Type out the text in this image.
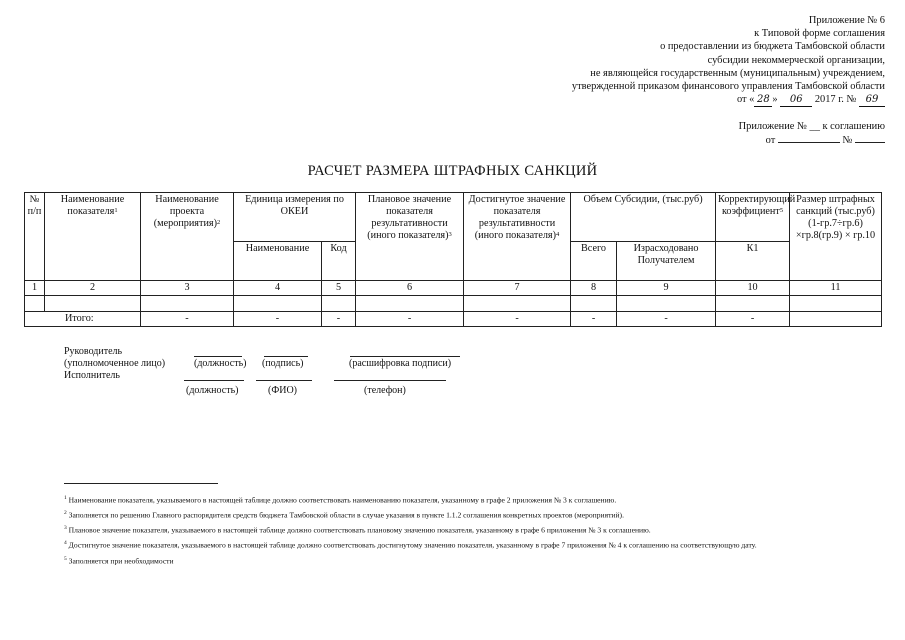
Приложение № 6
к Типовой форме соглашения
о предоставлении из бюджета Тамбовской области
субсидии некоммерческой организации,
не являющейся государственным (муниципальным) учреждением,
утвержденной приказом финансового управления Тамбовской области
от « 28 » 06 2017 г. № 69
Приложение № __ к соглашению
от	№
РАСЧЕТ РАЗМЕРА ШТРАФНЫХ САНКЦИЙ
№ п/п	Наименование показателя$^1$	Наименование проекта (мероприятия)$^2$	Единица измерения по ОКЕИ		Плановое значение показателя результативности (иного показателя)$^3$	Достигнутое значение показателя результативности (иного показателя)$^4$	Объем Субсидии, (тыс.руб)		Корректирующий коэффициент$^5$	Размер штрафных санкций (тыс.руб) (1-гр.7÷гр.6) ×гр.8(гр.9) × гр.10
			Наименование	Код			Всего	Израсходовано Получателем	К1	
1	2	3	4	5	6	7	8	9	10	11

Итого:		-	-	-	-	-	-	-	-	
Руководитель
(уполномоченное лицо)	(должность) (подпись)	(расшифровка подписи)
Исполнитель
(должность)	(ФИО)	(телефон)

$^1$ Наименование показателя, указываемого в настоящей таблице должно соответствовать наименованию показателя, указанному в графе 2 приложения № 3 к соглашению.

$^2$ Заполняется по решению Главного распорядителя средств бюджета Тамбовской области в случае указания в пункте 1.1.2 соглашения конкретных проектов (мероприятий).

$^3$ Плановое значение показателя, указываемого в настоящей таблице должно соответствовать плановому значению показателя, указанному в графе 6 приложения № 3 к соглашению.

$^4$ Достигнутое значение показателя, указываемого в настоящей таблице должно соответствовать достигнутому значению показателя, указанному в графе 7 приложения № 4 к соглашению на соответствующую дату.

$^5$ Заполняется при необходимости
